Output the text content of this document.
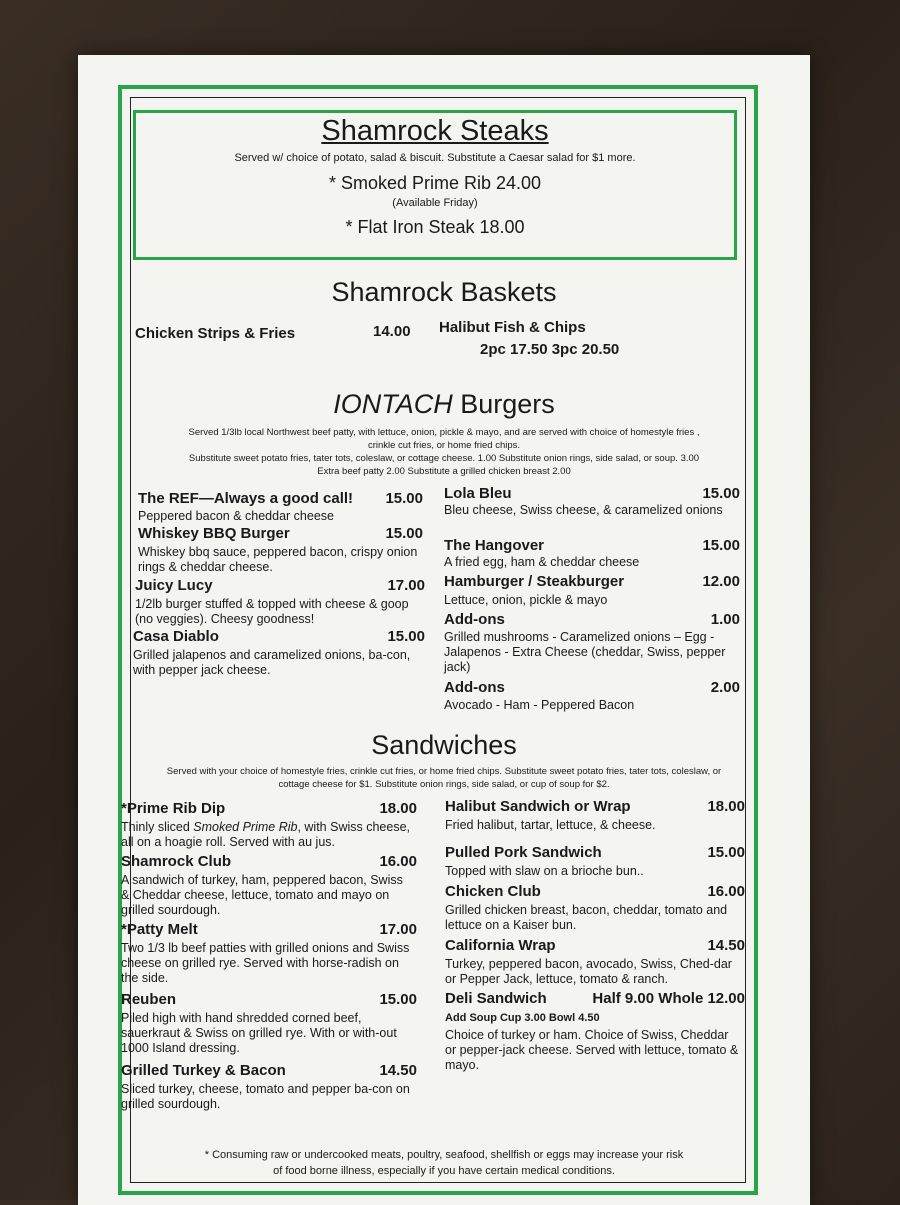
Shamrock Steaks
Served w/ choice of potato, salad & biscuit. Substitute a Caesar salad for $1 more.
* Smoked Prime Rib 24.00
(Available Friday)
* Flat Iron Steak 18.00
Shamrock Baskets
Chicken Strips & Fries	14.00 Halibut Fish & Chips
2pc 17.50 3pc 20.50
IONTACH Burgers
Served 1/3lb local Northwest beef patty, with lettuce, onion, pickle & mayo, and are served with choice of homestyle fries ,
crinkle cut fries, or home fried chips.
Substitute sweet potato fries, tater tots, coleslaw, or cottage cheese. 1.00 Substitute onion rings, side salad, or soup. 3.00
Extra beef patty 2.00 Substitute a grilled chicken breast 2.00
The REF—Always a good call! 15.00
Peppered bacon & cheddar cheese
Whiskey BBQ Burger	15.00
Whiskey bbq sauce, peppered bacon, crispy onion rings & cheddar cheese.
Juicy Lucy	17.00
1/2lb burger stuffed & topped with cheese & goop (no veggies). Cheesy goodness!
Casa Diablo	15.00
Grilled jalapenos and caramelized onions, ba-con, with pepper jack cheese.
Lola Bleu	15.00
Bleu cheese, Swiss cheese, & caramelized onions
The Hangover	15.00
A fried egg, ham & cheddar cheese
Hamburger / Steakburger	12.00
Lettuce, onion, pickle & mayo
Add-ons	1.00
Grilled mushrooms - Caramelized onions – Egg - Jalapenos - Extra Cheese (cheddar, Swiss, pepper jack)
Add-ons	2.00
Avocado - Ham - Peppered Bacon
Sandwiches
Served with your choice of homestyle fries, crinkle cut fries, or home fried chips. Substitute sweet potato fries, tater tots, coleslaw, or
cottage cheese for $1. Substitute onion rings, side salad, or cup of soup for $2.
*Prime Rib Dip	18.00
Thinly sliced Smoked Prime Rib, with Swiss cheese, all on a hoagie roll. Served with au jus.
Shamrock Club	16.00
A sandwich of turkey, ham, peppered bacon, Swiss & Cheddar cheese, lettuce, tomato and mayo on grilled sourdough.
*Patty Melt	17.00
Two 1/3 lb beef patties with grilled onions and Swiss cheese on grilled rye. Served with horse-radish on the side.
Reuben	15.00
Piled high with hand shredded corned beef, sauerkraut & Swiss on grilled rye. With or with-out 1000 Island dressing.
Grilled Turkey & Bacon	14.50
Sliced turkey, cheese, tomato and pepper ba-con on grilled sourdough.
Halibut Sandwich or Wrap	18.00
Fried halibut, tartar, lettuce, & cheese.
Pulled Pork Sandwich	15.00
Topped with slaw on a brioche bun..
Chicken Club	16.00
Grilled chicken breast, bacon, cheddar, tomato and lettuce on a Kaiser bun.
California Wrap	14.50
Turkey, peppered bacon, avocado, Swiss, Ched-dar or Pepper Jack, lettuce, tomato & ranch.
Deli Sandwich	Half 9.00 Whole 12.00
Add Soup Cup 3.00 Bowl 4.50
Choice of turkey or ham. Choice of Swiss, Cheddar or pepper-jack cheese. Served with lettuce, tomato & mayo.
* Consuming raw or undercooked meats, poultry, seafood, shellfish or eggs may increase your risk
of food borne illness, especially if you have certain medical conditions.
